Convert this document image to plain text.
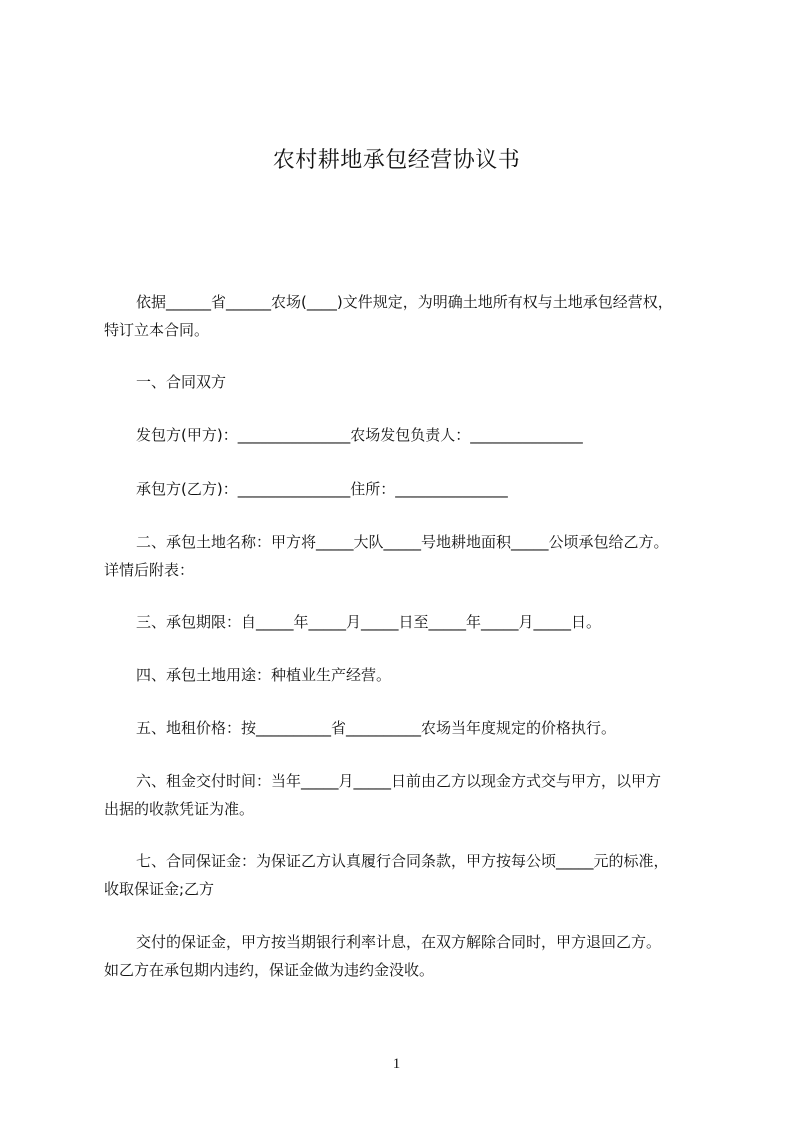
农村耕地承包经营协议书
依据______省______农场(____)文件规定，为明确土地所有权与土地承包经营权，
特订立本合同。
一、合同双方
发包方(甲方)：_______________农场发包负责人：_______________
承包方(乙方)：_______________住所：_______________
二、承包土地名称：甲方将_____大队_____号地耕地面积_____公顷承包给乙方。
详情后附表：
三、承包期限：自_____年_____月_____日至_____年_____月_____日。
四、承包土地用途：种植业生产经营。
五、地租价格：按__________省__________农场当年度规定的价格执行。
六、租金交付时间：当年_____月_____日前由乙方以现金方式交与甲方，以甲方
出据的收款凭证为准。
七、合同保证金：为保证乙方认真履行合同条款，甲方按每公顷_____元的标准，
收取保证金;乙方
交付的保证金，甲方按当期银行利率计息，在双方解除合同时，甲方退回乙方。
如乙方在承包期内违约，保证金做为违约金没收。
1
